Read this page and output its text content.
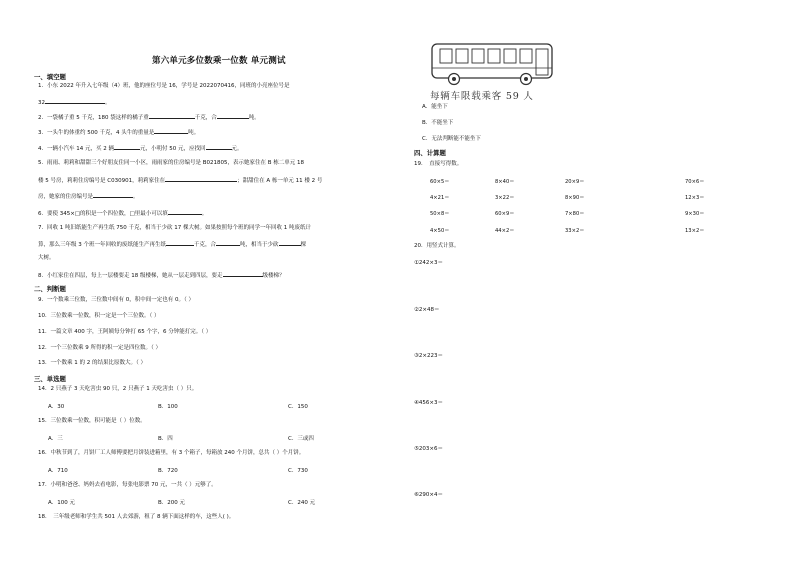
第六单元多位数乘一位数 单元测试
一、填空题
1．小东 2022 年升入七年级（4）班，他的座位号是 16，学号是 2022070416，同班的小亮座位号是
32	。
2．一袋橘子重 5 千克，180 袋这样的橘子重	千克，合	吨。
3．一头牛的体重约 500 千克，4 头牛的重量是	吨。
4．一辆小汽车 14 元，买 2 辆	元，小明付 50 元，应找回	元。
5．雨雨、莉莉和甜甜三个好朋友住同一小区，雨雨家的住房编号是 B021805，表示她家住在 B 栋二单元 18
楼 5 号房，莉莉住房编号是 C030901，莉莉家住在	；甜甜住在 A 栋一单元 11 楼 2 号
房，她家的住房编号是	。
6．要使 345×□的积是一个四位数，□里最小可以填	。
7．回收 1 吨旧纸能生产再生纸 750 千克，相当于少砍 17 棵大树。如果按照每个班的同学一年回收 1 吨废纸计
算，那么三年级 3 个班一年回收的废纸能生产再生纸	千克，合	吨，相当于少砍	棵
大树。
8．小红家住在四层，每上一层楼要走 18 级楼梯，她从一层走到四层，要走	级楼梯？
二、判断题
9．一个数乘三位数，三位数中间有 0，积中间一定也有 0。（ ）
10．三位数乘一位数，积一定是一个三位数。（ ）
11．一篇文章 400 字，王阿姨每分钟打 65 个字，6 分钟能打完。（ ）
12．一个三位数乘 9 所得的积一定是四位数。（ ）
13．一个数乘 1 的 2 的结果比原数大。（ ）
三、单选题
14．2 只燕子 3 天吃害虫 90 只，2 只燕子 1 天吃害虫（ ）只。
A．30	B．100	C．150
15．三位数乘一位数，积可能是（ ）位数。
A．三	B．四	C．三或四
16．中秋节到了，月饼厂工人师傅要把月饼装进箱里，有 3 个箱子，每箱放 240 个月饼，总共（ ）个月饼。
A．710	B．720	C．730
17．小明和爸爸、妈妈去看电影，每张电影票 70 元，一共（ ）元够了。
A．100 元	B．200 元	C．240 元
18．　三年级老师和学生共 501 人去郊游，租了 8 辆下面这样的车，这些人( )。
每辆车限载乘客 59 人
A．能坐下
B．不能坐下
C．无法判断能不能坐下
四、计算题
19．　直接写得数。
60×5＝	8×40＝	20×9＝	70×6＝
4×21＝	3×22＝	8×90＝	12×3＝
50×8＝	60×9＝	7×80＝	9×30＝
4×50＝	44×2＝	33×2＝	13×2＝
20．用竖式计算。
①242×3＝
②2×48＝
③2×223＝
④456×3＝
⑤203×6＝
⑥290×4＝
